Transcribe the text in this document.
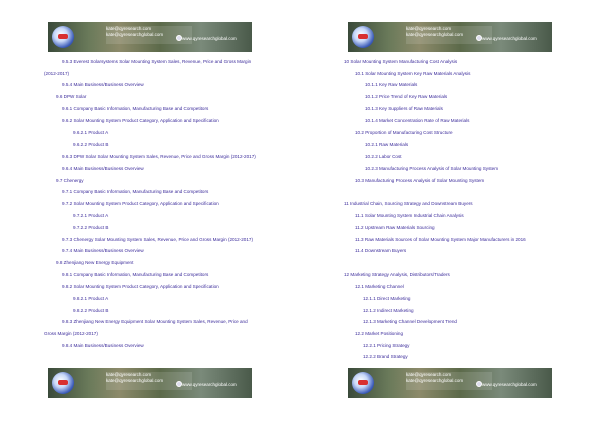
kate@qyresearch.com
kate@qyresearchglobal.com
www.qyresearchglobal.com
9.5.3 Everest Solarsystems Solar Mounting System Sales, Revenue, Price and Gross Margin
(2012-2017)
9.5.4 Main Business/Business Overview
9.6 DPW Solar
9.6.1 Company Basic Information, Manufacturing Base and Competitors
9.6.2 Solar Mounting System Product Category, Application and Specification
9.6.2.1 Product A
9.6.2.2 Product B
9.6.3 DPW Solar Solar Mounting System Sales, Revenue, Price and Gross Margin (2012-2017)
9.6.4 Main Business/Business Overview
9.7 Chenergy
9.7.1 Company Basic Information, Manufacturing Base and Competitors
9.7.2 Solar Mounting System Product Category, Application and Specification
9.7.2.1 Product A
9.7.2.2 Product B
9.7.3 Chenergy Solar Mounting System Sales, Revenue, Price and Gross Margin (2012-2017)
9.7.4 Main Business/Business Overview
9.8 Zhenjiang New Energy Equipment
9.8.1 Company Basic Information, Manufacturing Base and Competitors
9.8.2 Solar Mounting System Product Category, Application and Specification
9.8.2.1 Product A
9.8.2.2 Product B
9.8.3 Zhenjiang New Energy Equipment Solar Mounting System Sales, Revenue, Price and
Gross Margin (2012-2017)
9.8.4 Main Business/Business Overview
kate@qyresearch.com
kate@qyresearchglobal.com
www.qyresearchglobal.com
kate@qyresearch.com
kate@qyresearchglobal.com
www.qyresearchglobal.com
10 Solar Mounting System Manufacturing Cost Analysis
10.1 Solar Mounting System Key Raw Materials Analysis
10.1.1 Key Raw Materials
10.1.2 Price Trend of Key Raw Materials
10.1.3 Key Suppliers of Raw Materials
10.1.4 Market Concentration Rate of Raw Materials
10.2 Proportion of Manufacturing Cost Structure
10.2.1 Raw Materials
10.2.2 Labor Cost
10.2.3 Manufacturing Process Analysis of Solar Mounting System
10.3 Manufacturing Process Analysis of Solar Mounting System
11 Industrial Chain, Sourcing Strategy and Downstream Buyers
11.1 Solar Mounting System Industrial Chain Analysis
11.2 Upstream Raw Materials Sourcing
11.3 Raw Materials Sources of Solar Mounting System Major Manufacturers in 2016
11.4 Downstream Buyers
12 Marketing Strategy Analysis, Distributors/Traders
12.1 Marketing Channel
12.1.1 Direct Marketing
12.1.2 Indirect Marketing
12.1.3 Marketing Channel Development Trend
12.2 Market Positioning
12.2.1 Pricing Strategy
12.2.2 Brand Strategy
kate@qyresearch.com
kate@qyresearchglobal.com
www.qyresearchglobal.com
